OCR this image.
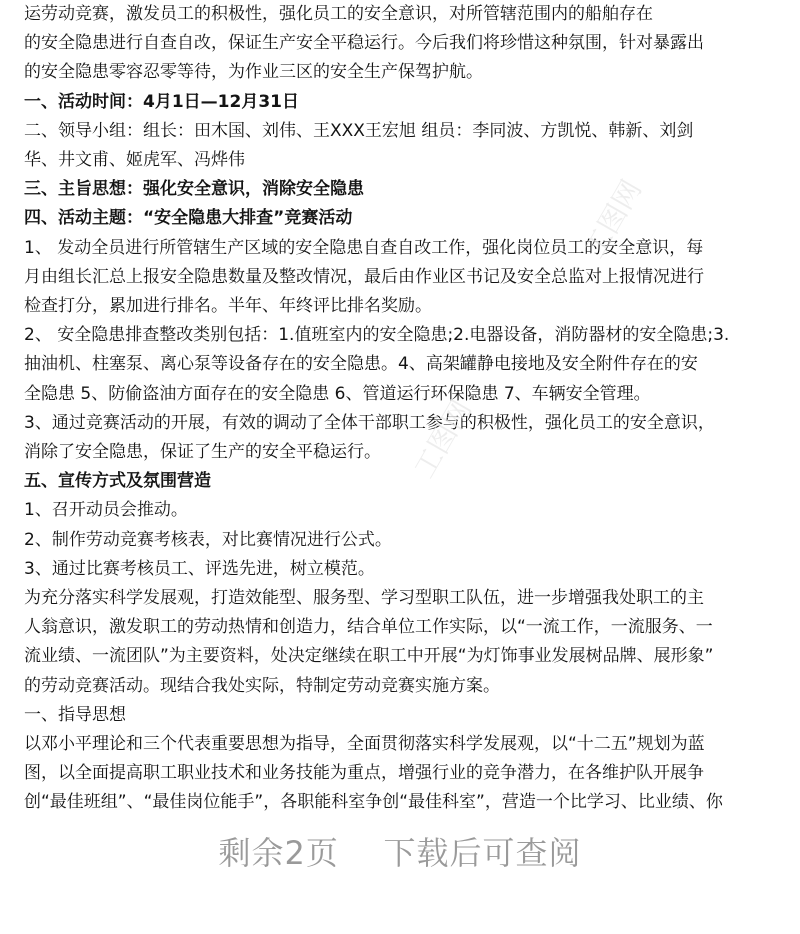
运劳动竞赛，激发员工的积极性，强化员工的安全意识，对所管辖范围内的船舶存在
的安全隐患进行自查自改，保证生产安全平稳运行。今后我们将珍惜这种氛围，针对暴露出
的安全隐患零容忍零等待，为作业三区的安全生产保驾护航。
一、活动时间：4月1日—12月31日
二、领导小组：组长：田木国、刘伟、王XXX王宏旭 组员：李同波、方凯悦、韩新、刘剑
华、井文甫、姬虎军、冯烨伟
三、主旨思想：强化安全意识，消除安全隐患
四、活动主题：“安全隐患大排查”竞赛活动
1、 发动全员进行所管辖生产区域的安全隐患自查自改工作，强化岗位员工的安全意识，每
月由组长汇总上报安全隐患数量及整改情况，最后由作业区书记及安全总监对上报情况进行
检查打分，累加进行排名。半年、年终评比排名奖励。
2、 安全隐患排查整改类别包括：1.值班室内的安全隐患;2.电器设备，消防器材的安全隐患;3.
抽油机、柱塞泵、离心泵等设备存在的安全隐患。4、高架罐静电接地及安全附件存在的安
全隐患 5、防偷盗油方面存在的安全隐患 6、管道运行环保隐患 7、车辆安全管理。
3、通过竞赛活动的开展，有效的调动了全体干部职工参与的积极性，强化员工的安全意识，
消除了安全隐患，保证了生产的安全平稳运行。
五、宣传方式及氛围营造
1、召开动员会推动。
2、制作劳动竞赛考核表，对比赛情况进行公式。
3、通过比赛考核员工、评选先进，树立模范。
为充分落实科学发展观，打造效能型、服务型、学习型职工队伍，进一步增强我处职工的主
人翁意识，激发职工的劳动热情和创造力，结合单位工作实际，以“一流工作，一流服务、一
流业绩、一流团队”为主要资料，处决定继续在职工中开展“为灯饰事业发展树品牌、展形象”
的劳动竞赛活动。现结合我处实际，特制定劳动竞赛实施方案。
一、指导思想
以邓小平理论和三个代表重要思想为指导，全面贯彻落实科学发展观，以“十二五”规划为蓝
图，以全面提高职工职业技术和业务技能为重点，增强行业的竞争潜力，在各维护队开展争
创“最佳班组”、“最佳岗位能手”，各职能科室争创“最佳科室”，营造一个比学习、比业绩、你
工图网
工图网
剩余2页    下载后可查阅
